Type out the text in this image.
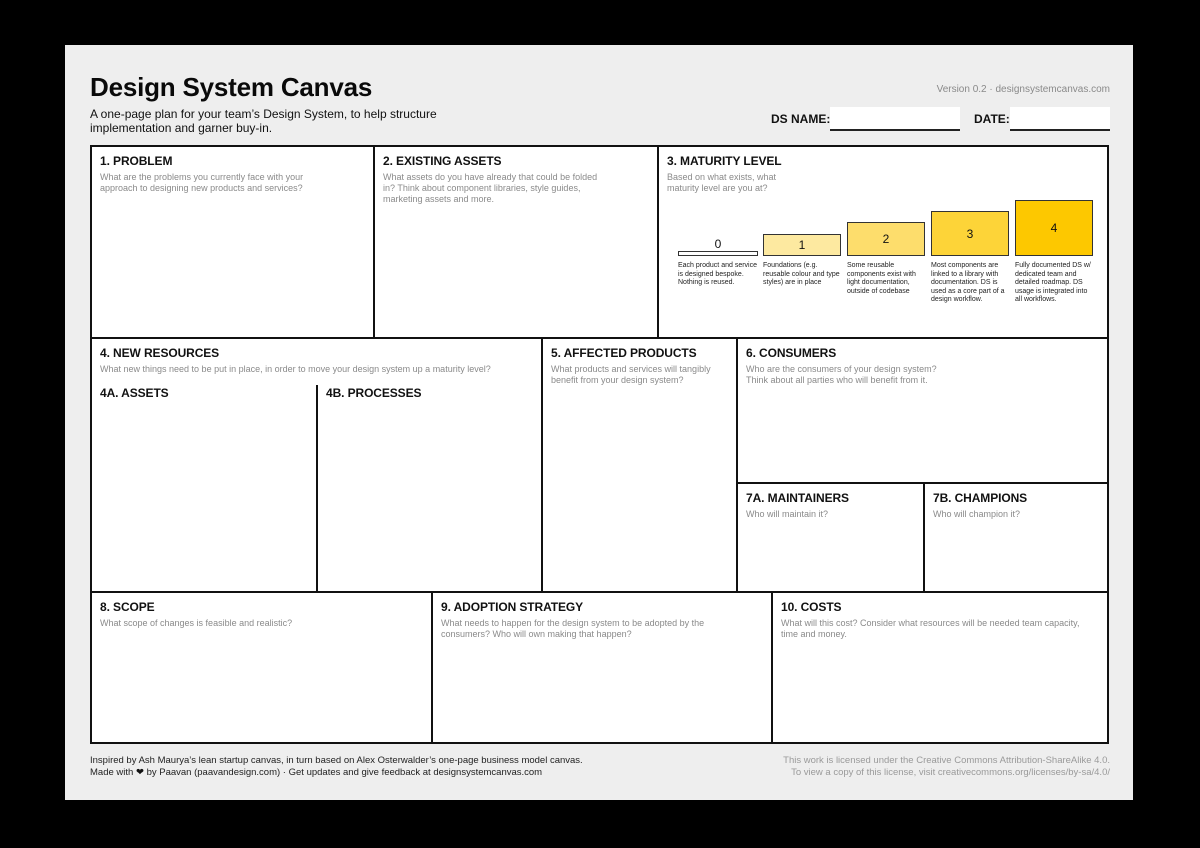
Design System Canvas
A one-page plan for your team’s Design System, to help structure implementation and garner buy-in.
Version 0.2 · designsystemcanvas.com
DS NAME:	DATE:
1. PROBLEM
What are the problems you currently face with your approach to designing new products and services?
2. EXISTING ASSETS
What assets do you have already that could be folded in? Think about component libraries, style guides, marketing assets and more.
3. MATURITY LEVEL
Based on what exists, what maturity level are you at?
0	1	2	3	4
Each product and service is designed bespoke. Nothing is reused.
Foundations (e.g. reusable colour and type styles) are in place
Some reusable components exist with light documentation, outside of codebase
Most components are linked to a library with documentation. DS is used as a core part of a design workflow.
Fully documented DS w/ dedicated team and detailed roadmap. DS usage is integrated into all workflows.
4. NEW RESOURCES
What new things need to be put in place, in order to move your design system up a maturity level?
4A. ASSETS	4B. PROCESSES
5. AFFECTED PRODUCTS
What products and services will tangibly benefit from your design system?
6. CONSUMERS
Who are the consumers of your design system? Think about all parties who will benefit from it.
7A. MAINTAINERS
Who will maintain it?
7B. CHAMPIONS
Who will champion it?
8. SCOPE
What scope of changes is feasible and realistic?
9. ADOPTION STRATEGY
What needs to happen for the design system to be adopted by the consumers? Who will own making that happen?
10. COSTS
What will this cost? Consider what resources will be needed team capacity, time and money.
Inspired by Ash Maurya’s lean startup canvas, in turn based on Alex Osterwalder’s one-page business model canvas.
Made with ❤ by Paavan (paavandesign.com) · Get updates and give feedback at designsystemcanvas.com
This work is licensed under the Creative Commons Attribution-ShareAlike 4.0.
To view a copy of this license, visit creativecommons.org/licenses/by-sa/4.0/
